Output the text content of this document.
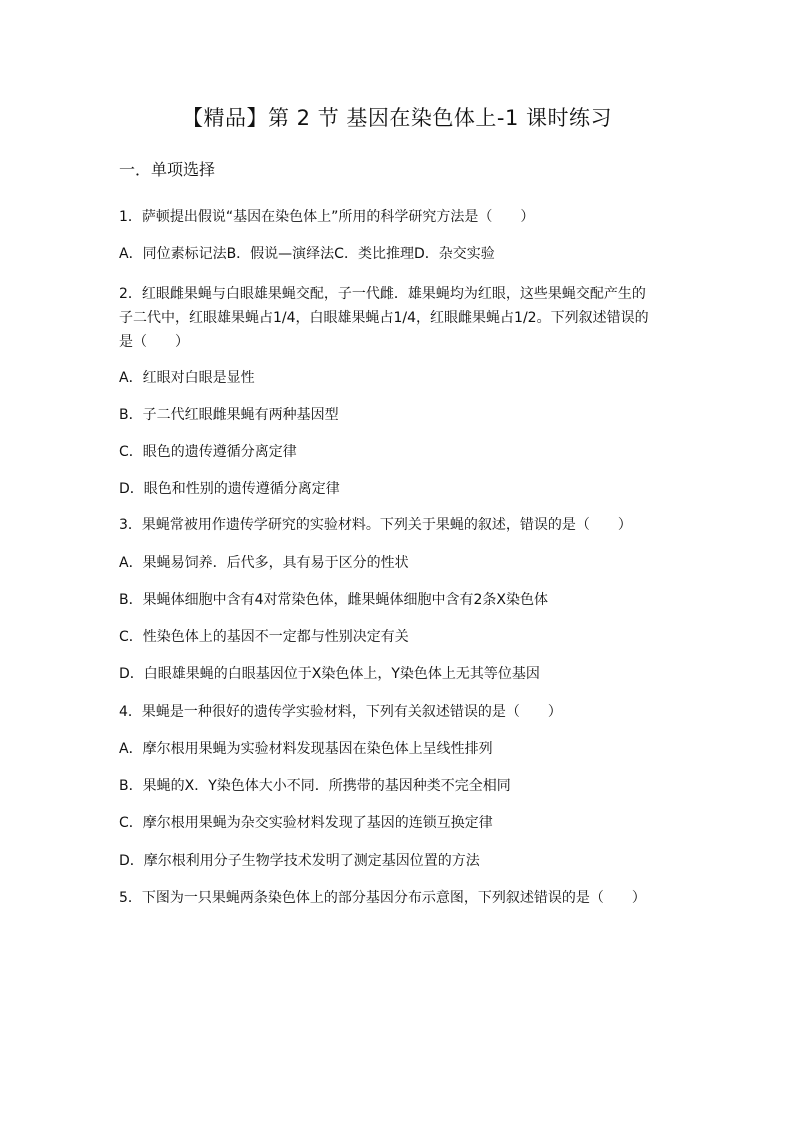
【精品】第 2 节 基因在染色体上-1 课时练习
一．单项选择
1．萨顿提出假说“基因在染色体上”所用的科学研究方法是（　　）
A．同位素标记法B．假说—演绎法C．类比推理D．杂交实验
2．红眼雌果蝇与白眼雄果蝇交配，子一代雌．雄果蝇均为红眼，这些果蝇交配产生的
子二代中，红眼雄果蝇占1/4，白眼雄果蝇占1/4，红眼雌果蝇占1/2。下列叙述错误的
是（　　）
A．红眼对白眼是显性
B．子二代红眼雌果蝇有两种基因型
C．眼色的遗传遵循分离定律
D．眼色和性别的遗传遵循分离定律
3．果蝇常被用作遗传学研究的实验材料。下列关于果蝇的叙述，错误的是（　　）
A．果蝇易饲养．后代多，具有易于区分的性状
B．果蝇体细胞中含有4对常染色体，雌果蝇体细胞中含有2条X染色体
C．性染色体上的基因不一定都与性别决定有关
D．白眼雄果蝇的白眼基因位于X染色体上，Y染色体上无其等位基因
4．果蝇是一种很好的遗传学实验材料，下列有关叙述错误的是（　　）
A．摩尔根用果蝇为实验材料发现基因在染色体上呈线性排列
B．果蝇的X．Y染色体大小不同．所携带的基因种类不完全相同
C．摩尔根用果蝇为杂交实验材料发现了基因的连锁互换定律
D．摩尔根利用分子生物学技术发明了测定基因位置的方法
5．下图为一只果蝇两条染色体上的部分基因分布示意图，下列叙述错误的是（　　）
